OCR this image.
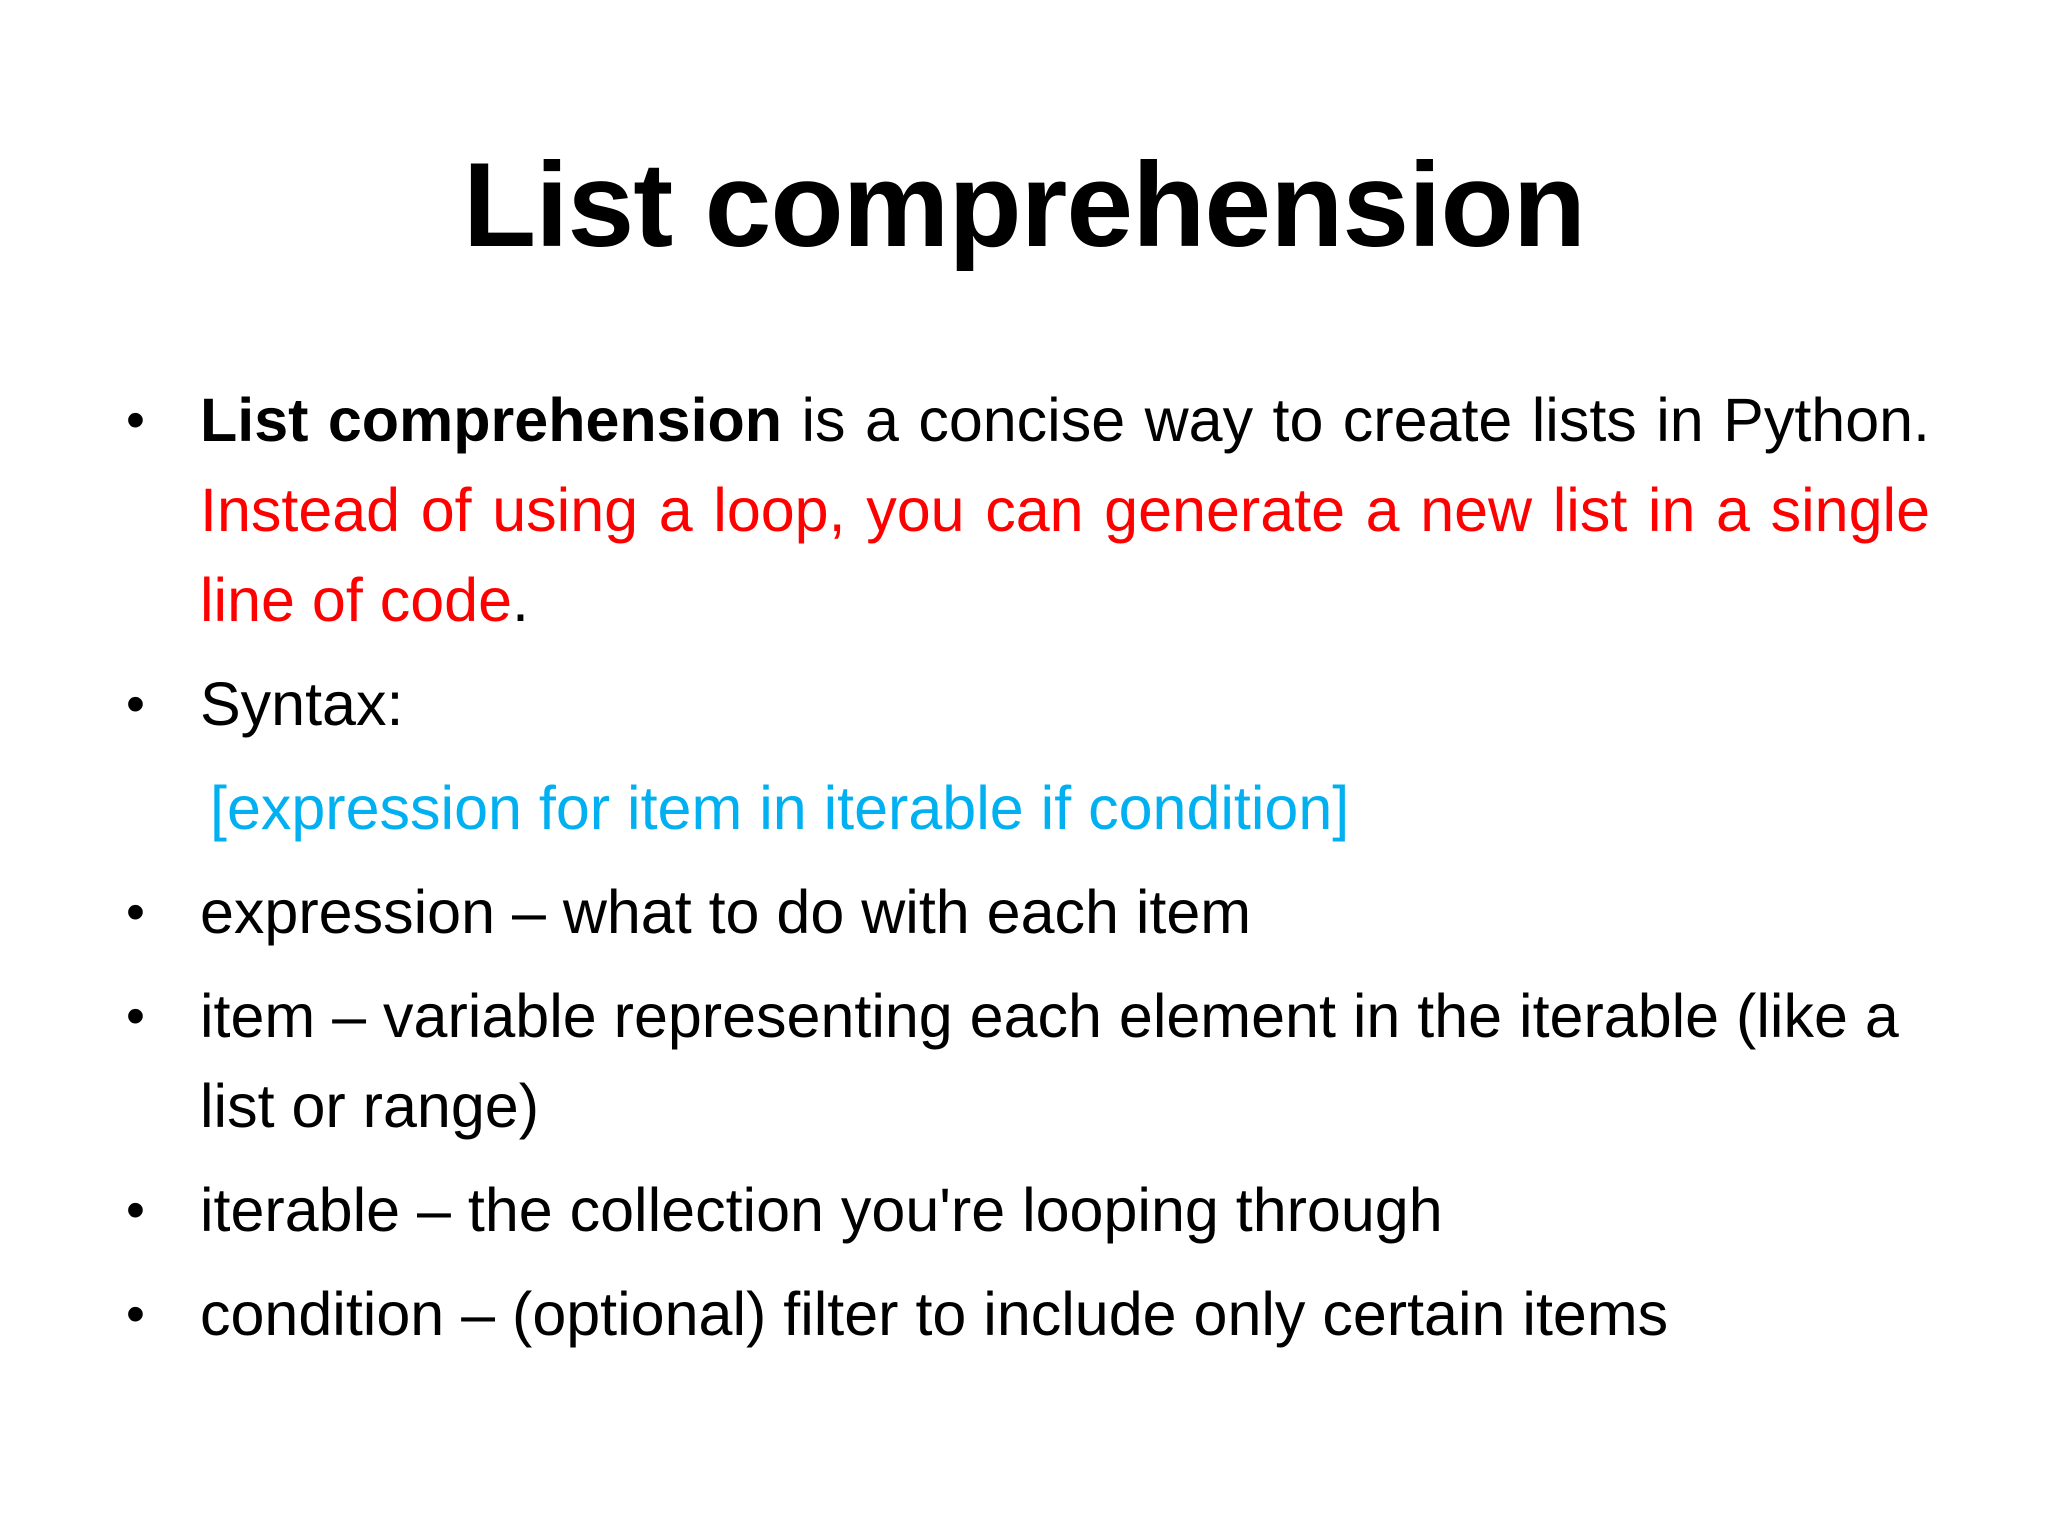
List comprehension
• List comprehension is a concise way to create lists in Python. Instead of using a loop, you can generate a new list in a single line of code.
• Syntax:
[expression for item in iterable if condition]
• expression – what to do with each item
• item – variable representing each element in the iterable (like a list or range)
• iterable – the collection you're looping through
• condition – (optional) filter to include only certain items
